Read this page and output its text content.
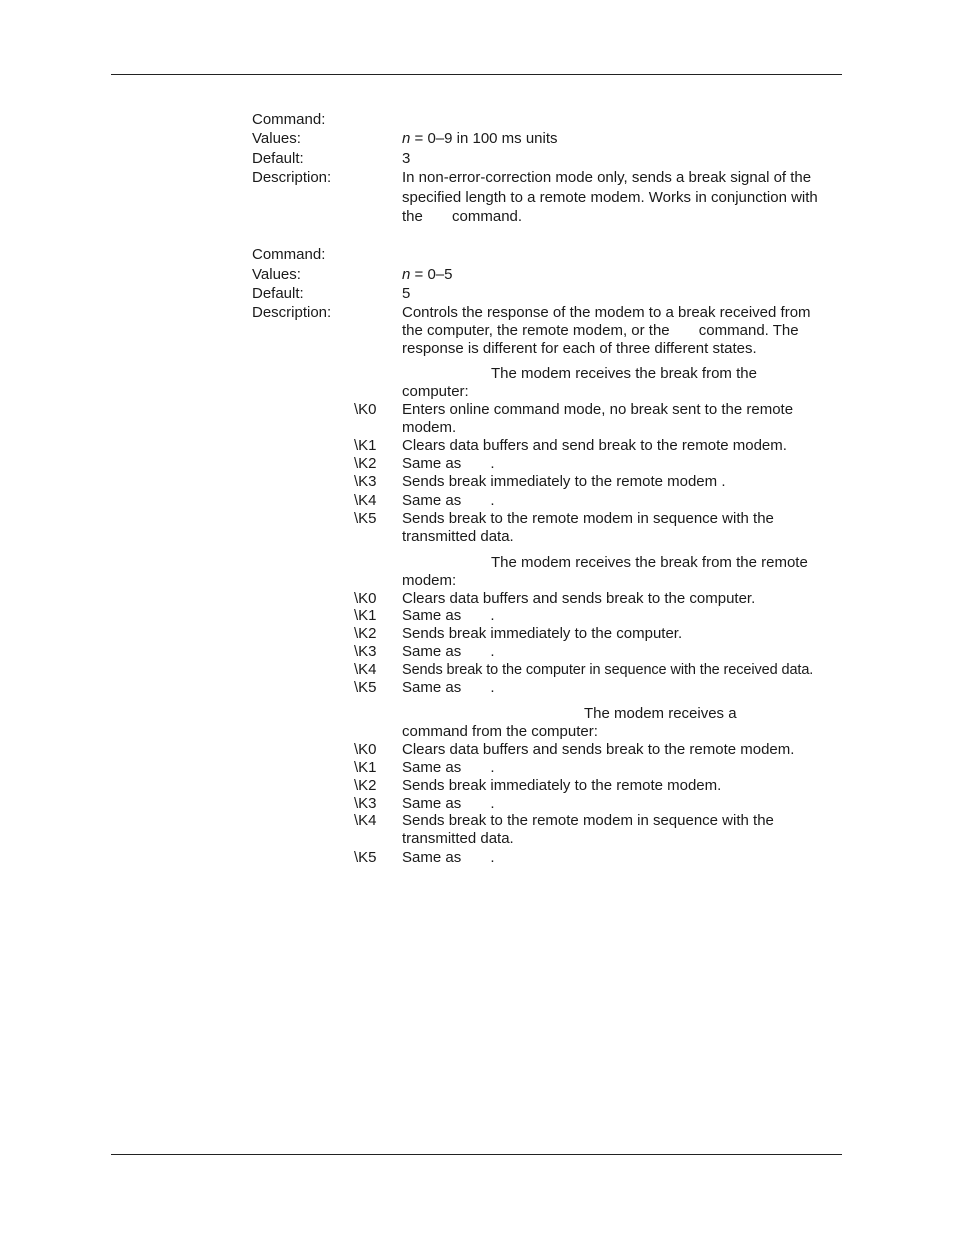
Command:
Values:	n = 0–9 in 100 ms units
Default:	3
Description:	In non-error-correction mode only, sends a break signal of the
specified length to a remote modem. Works in conjunction with
the       command.
Command:
Values:	n = 0–5
Default:	5
Description:	Controls the response of the modem to a break received from
the computer, the remote modem, or the       command. The
response is different for each of three different states.
The modem receives the break from the
computer:
\K0 Enters online command mode, no break sent to the remote
modem.
\K1 Clears data buffers and send break to the remote modem.
\K2 Same as       .
\K3 Sends break immediately to the remote modem .
\K4 Same as       .
\K5 Sends break to the remote modem in sequence with the
transmitted data.
The modem receives the break from the remote
modem:
\K0 Clears data buffers and sends break to the computer.
\K1 Same as       .
\K2 Sends break immediately to the computer.
\K3 Same as       .
\K4 Sends break to the computer in sequence with the received data.
\K5 Same as       .
The modem receives a
command from the computer:
\K0 Clears data buffers and sends break to the remote modem.
\K1 Same as       .
\K2 Sends break immediately to the remote modem.
\K3 Same as       .
\K4 Sends break to the remote modem in sequence with the
transmitted data.
\K5 Same as       .
